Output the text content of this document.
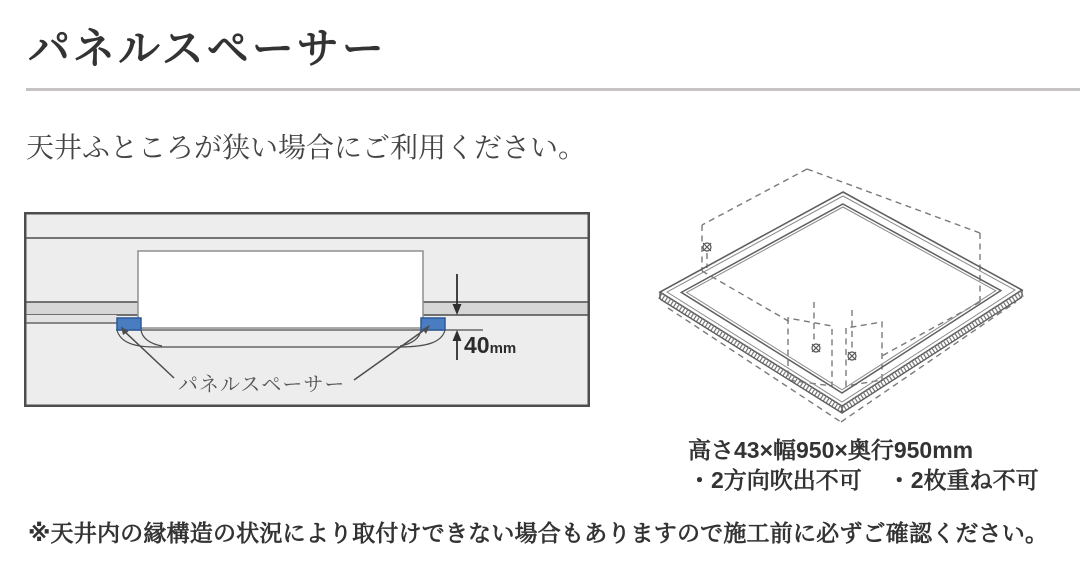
パネルスペーサー
天井ふところが狭い場合にご利用ください。
パネルスペーサー
40mm
高さ43×幅950×奥行950mm
・2方向吹出不可 ・2枚重ね不可
※天井内の縁構造の状況により取付けできない場合もありますので施工前に必ずご確認ください。
